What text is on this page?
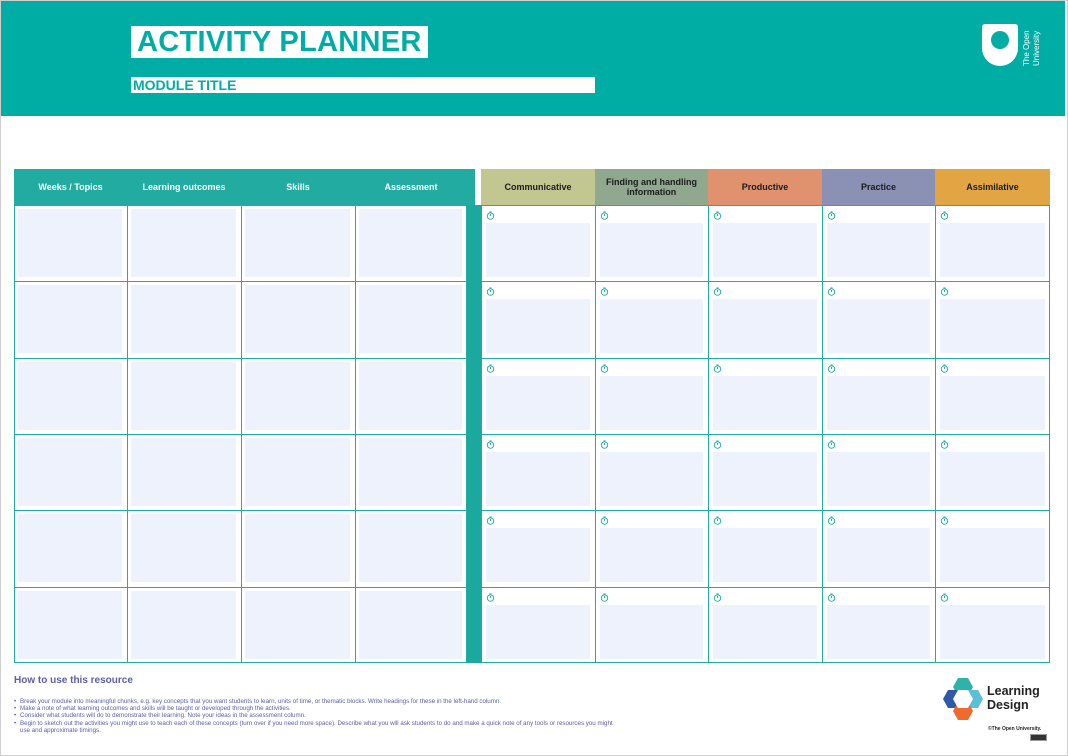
ACTIVITY PLANNER
MODULE TITLE
The Open University
Weeks / Topics	Learning outcomes	Skills	Assessment	Communicative	Finding and handling information	Productive	Practice	Assimilative
How to use this resource
• Break your module into meaningful chunks, e.g. key concepts that you want students to learn, units of time, or thematic blocks. Write headings for these in the left-hand column.
• Make a note of what learning outcomes and skills will be taught or developed through the activities.
• Consider what students will do to demonstrate their learning. Note your ideas in the assessment column.
• Begin to sketch out the activities you might use to teach each of these concepts (turn over if you need more space). Describe what you will ask students to do and make a quick note of any tools or resources you might use and approximate timings.
Learning
Design
©The Open University.
